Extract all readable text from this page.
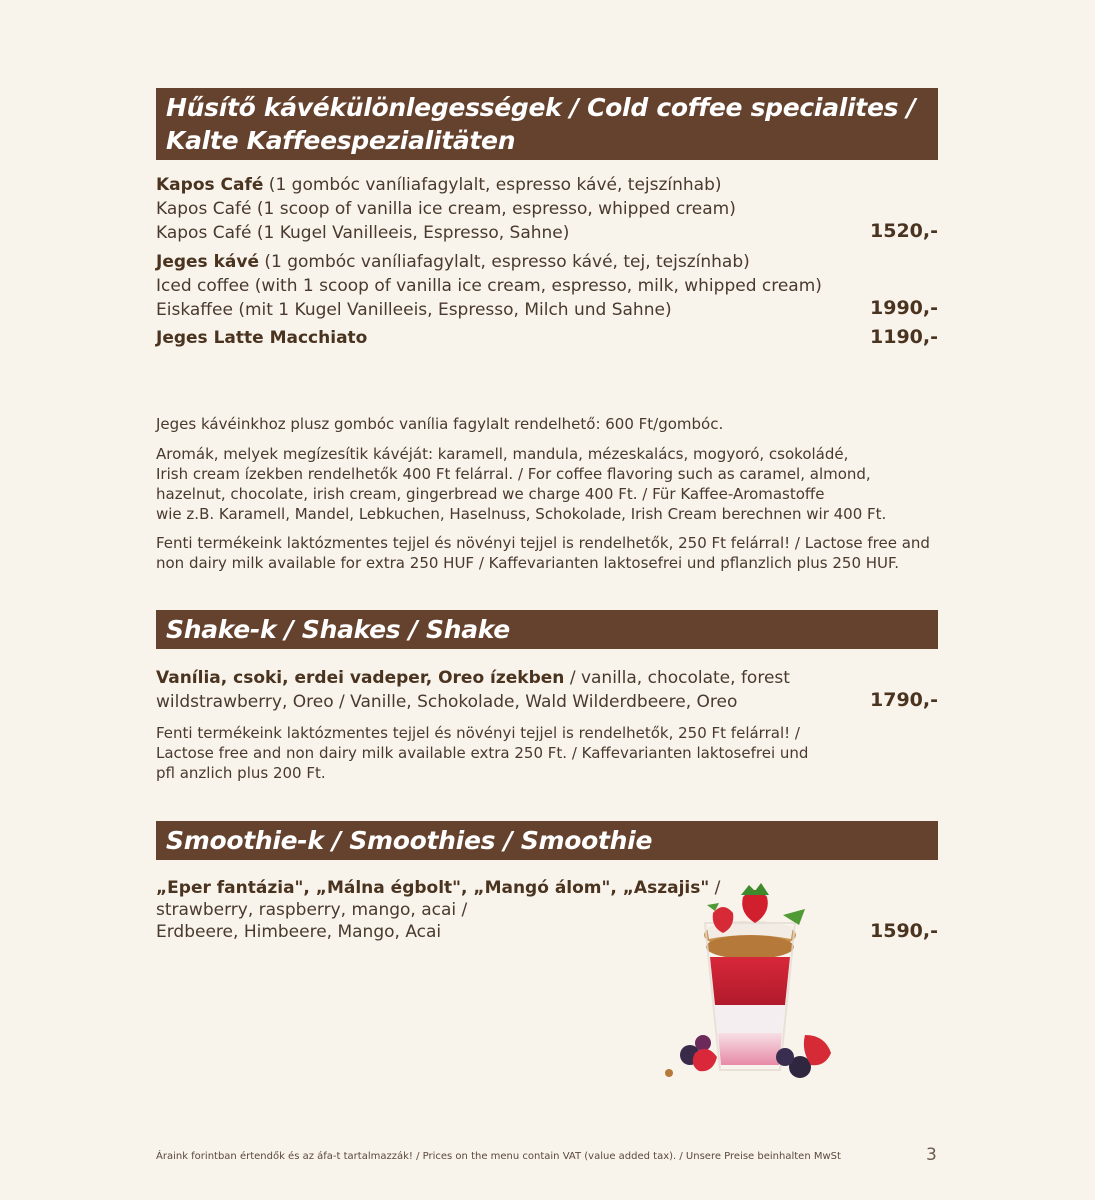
Hűsítő kávékülönlegességek / Cold coffee specialites /
Kalte Kaffeespezialitäten
Kapos Café (1 gombóc vaníliafagylalt, espresso kávé, tejszínhab)
Kapos Café (1 scoop of vanilla ice cream, espresso, whipped cream)
Kapos Café (1 Kugel Vanilleeis, Espresso, Sahne)	1520,-
Jeges kávé (1 gombóc vaníliafagylalt, espresso kávé, tej, tejszínhab)
Iced coffee (with 1 scoop of vanilla ice cream, espresso, milk, whipped cream)
Eiskaffee (mit 1 Kugel Vanilleeis, Espresso, Milch und Sahne)	1990,-
Jeges Latte Macchiato	1190,-
Jeges kávéinkhoz plusz gombóc vanília fagylalt rendelhető: 600 Ft/gombóc.
Aromák, melyek megízesítik kávéját: karamell, mandula, mézeskalács, mogyoró, csokoládé,
Irish cream ízekben rendelhetők 400 Ft felárral. / For coffee flavoring such as caramel, almond,
hazelnut, chocolate, irish cream, gingerbread we charge 400 Ft. / Für Kaffee-Aromastoffe
wie z.B. Karamell, Mandel, Lebkuchen, Haselnuss, Schokolade, Irish Cream berechnen wir 400 Ft.
Fenti termékeink laktózmentes tejjel és növényi tejjel is rendelhetők, 250 Ft felárral! / Lactose free and
non dairy milk available for extra 250 HUF / Kaffevarianten laktosefrei und pflanzlich plus 250 HUF.
Shake-k / Shakes / Shake
Vanília, csoki, erdei vadeper, Oreo ízekben / vanilla, chocolate, forest
wildstrawberry, Oreo / Vanille, Schokolade, Wald Wilderdbeere, Oreo	1790,-
Fenti termékeink laktózmentes tejjel és növényi tejjel is rendelhetők, 250 Ft felárral! /
Lactose free and non dairy milk available extra 250 Ft. / Kaffevarianten laktosefrei und
pfl anzlich plus 200 Ft.
Smoothie-k / Smoothies / Smoothie
„Eper fantázia", „Málna égbolt", „Mangó álom", „Aszajis" /
strawberry, raspberry, mango, acai /
Erdbeere, Himbeere, Mango, Acai	1590,-
Áraink forintban értendők és az áfa-t tartalmazzák! / Prices on the menu contain VAT (value added tax). / Unsere Preise beinhalten MwSt	3
